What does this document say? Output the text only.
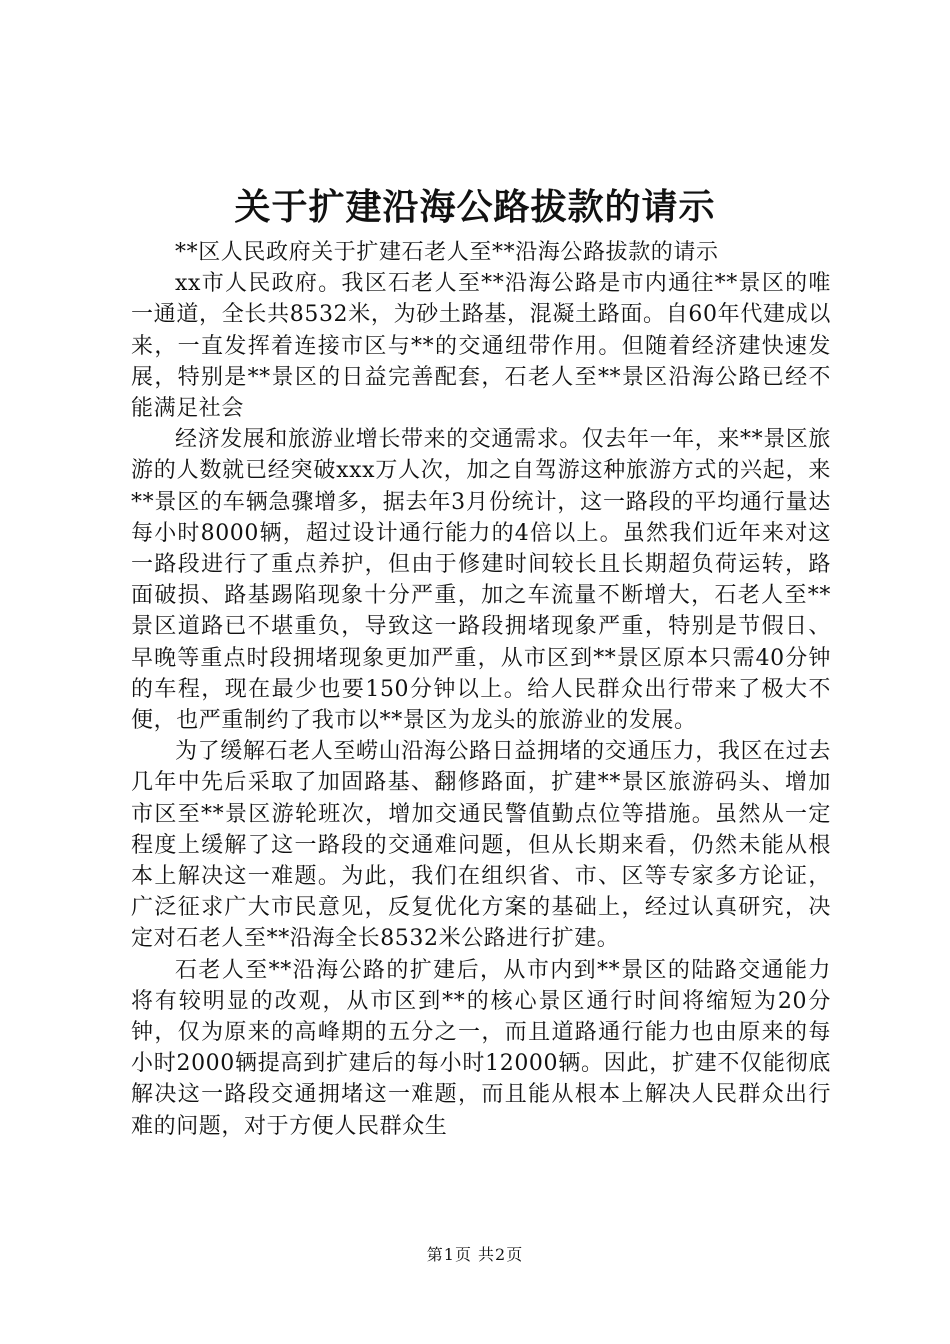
关于扩建沿海公路拔款的请示

**区人民政府关于扩建石老人至**沿海公路拔款的请示

xx市人民政府。我区石老人至**沿海公路是市内通往**景区的唯一通道，全长共8532米，为砂土路基，混凝土路面。自60年代建成以来，一直发挥着连接市区与**的交通纽带作用。但随着经济建快速发展，特别是**景区的日益完善配套，石老人至**景区沿海公路已经不能满足社会

经济发展和旅游业增长带来的交通需求。仅去年一年，来**景区旅游的人数就已经突破xxx万人次，加之自驾游这种旅游方式的兴起，来**景区的车辆急骤增多，据去年3月份统计，这一路段的平均通行量达每小时8000辆，超过设计通行能力的4倍以上。虽然我们近年来对这一路段进行了重点养护，但由于修建时间较长且长期超负荷运转，路面破损、路基踢陷现象十分严重，加之车流量不断增大，石老人至**景区道路已不堪重负，导致这一路段拥堵现象严重，特别是节假日、早晚等重点时段拥堵现象更加严重，从市区到**景区原本只需40分钟的车程，现在最少也要150分钟以上。给人民群众出行带来了极大不便，也严重制约了我市以**景区为龙头的旅游业的发展。

为了缓解石老人至崂山沿海公路日益拥堵的交通压力，我区在过去几年中先后采取了加固路基、翻修路面，扩建**景区旅游码头、增加市区至**景区游轮班次，增加交通民警值勤点位等措施。虽然从一定程度上缓解了这一路段的交通难问题，但从长期来看，仍然未能从根本上解决这一难题。为此，我们在组织省、市、区等专家多方论证，广泛征求广大市民意见，反复优化方案的基础上，经过认真研究，决定对石老人至**沿海全长8532米公路进行扩建。

石老人至**沿海公路的扩建后，从市内到**景区的陆路交通能力将有较明显的改观，从市区到**的核心景区通行时间将缩短为20分钟，仅为原来的高峰期的五分之一，而且道路通行能力也由原来的每小时2000辆提高到扩建后的每小时12000辆。因此，扩建不仅能彻底解决这一路段交通拥堵这一难题，而且能从根本上解决人民群众出行难的问题，对于方便人民群众生

第1页 共2页
